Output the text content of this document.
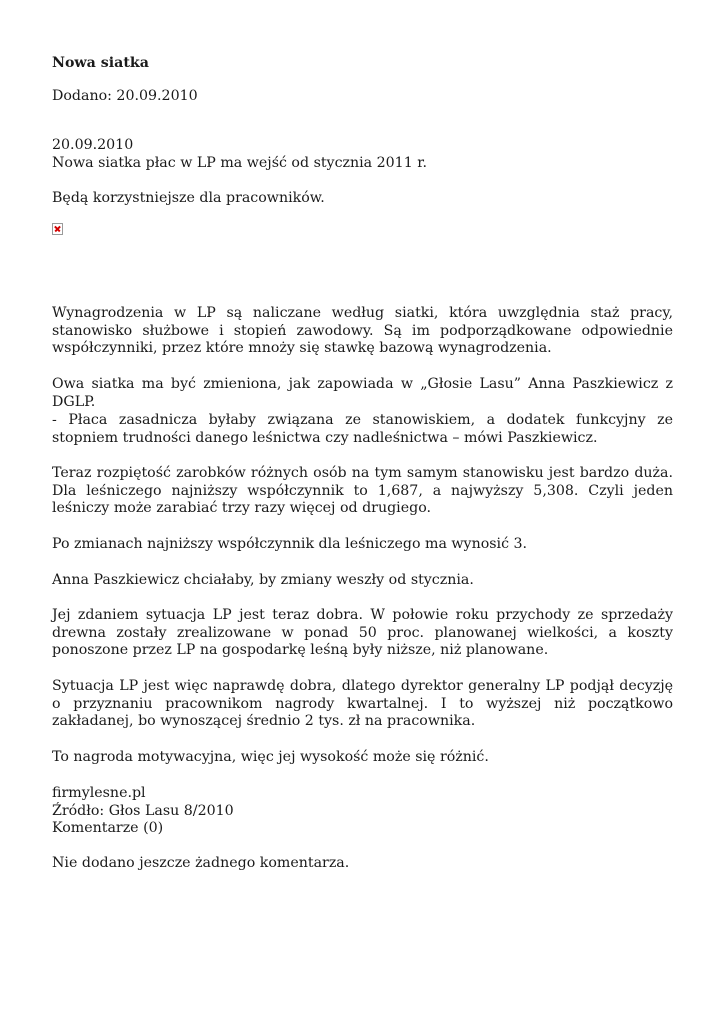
Nowa siatka

Dodano: 20.09.2010

20.09.2010
Nowa siatka płac w LP ma wejść od stycznia 2011 r.

Będą korzystniejsze dla pracowników.

Wynagrodzenia w LP są naliczane według siatki, która uwzględnia staż pracy, stanowisko służbowe i stopień zawodowy. Są im podporządkowane odpowiednie współczynniki, przez które mnoży się stawkę bazową wynagrodzenia.

Owa siatka ma być zmieniona, jak zapowiada w „Głosie Lasu” Anna Paszkiewicz z DGLP.

- Płaca zasadnicza byłaby związana ze stanowiskiem, a dodatek funkcyjny ze stopniem trudności danego leśnictwa czy nadleśnictwa – mówi Paszkiewicz.

Teraz rozpiętość zarobków różnych osób na tym samym stanowisku jest bardzo duża. Dla leśniczego najniższy współczynnik to 1,687, a najwyższy 5,308. Czyli jeden leśniczy może zarabiać trzy razy więcej od drugiego.

Po zmianach najniższy współczynnik dla leśniczego ma wynosić 3.

Anna Paszkiewicz chciałaby, by zmiany weszły od stycznia.

Jej zdaniem sytuacja LP jest teraz dobra. W połowie roku przychody ze sprzedaży drewna zostały zrealizowane w ponad 50 proc. planowanej wielkości, a koszty ponoszone przez LP na gospodarkę leśną były niższe, niż planowane.

Sytuacja LP jest więc naprawdę dobra, dlatego dyrektor generalny LP podjął decyzję o przyznaniu pracownikom nagrody kwartalnej. I to wyższej niż początkowo zakładanej, bo wynoszącej średnio 2 tys. zł na pracownika.

To nagroda motywacyjna, więc jej wysokość może się różnić.

firmylesne.pl
Źródło: Głos Lasu 8/2010
Komentarze (0)

Nie dodano jeszcze żadnego komentarza.
